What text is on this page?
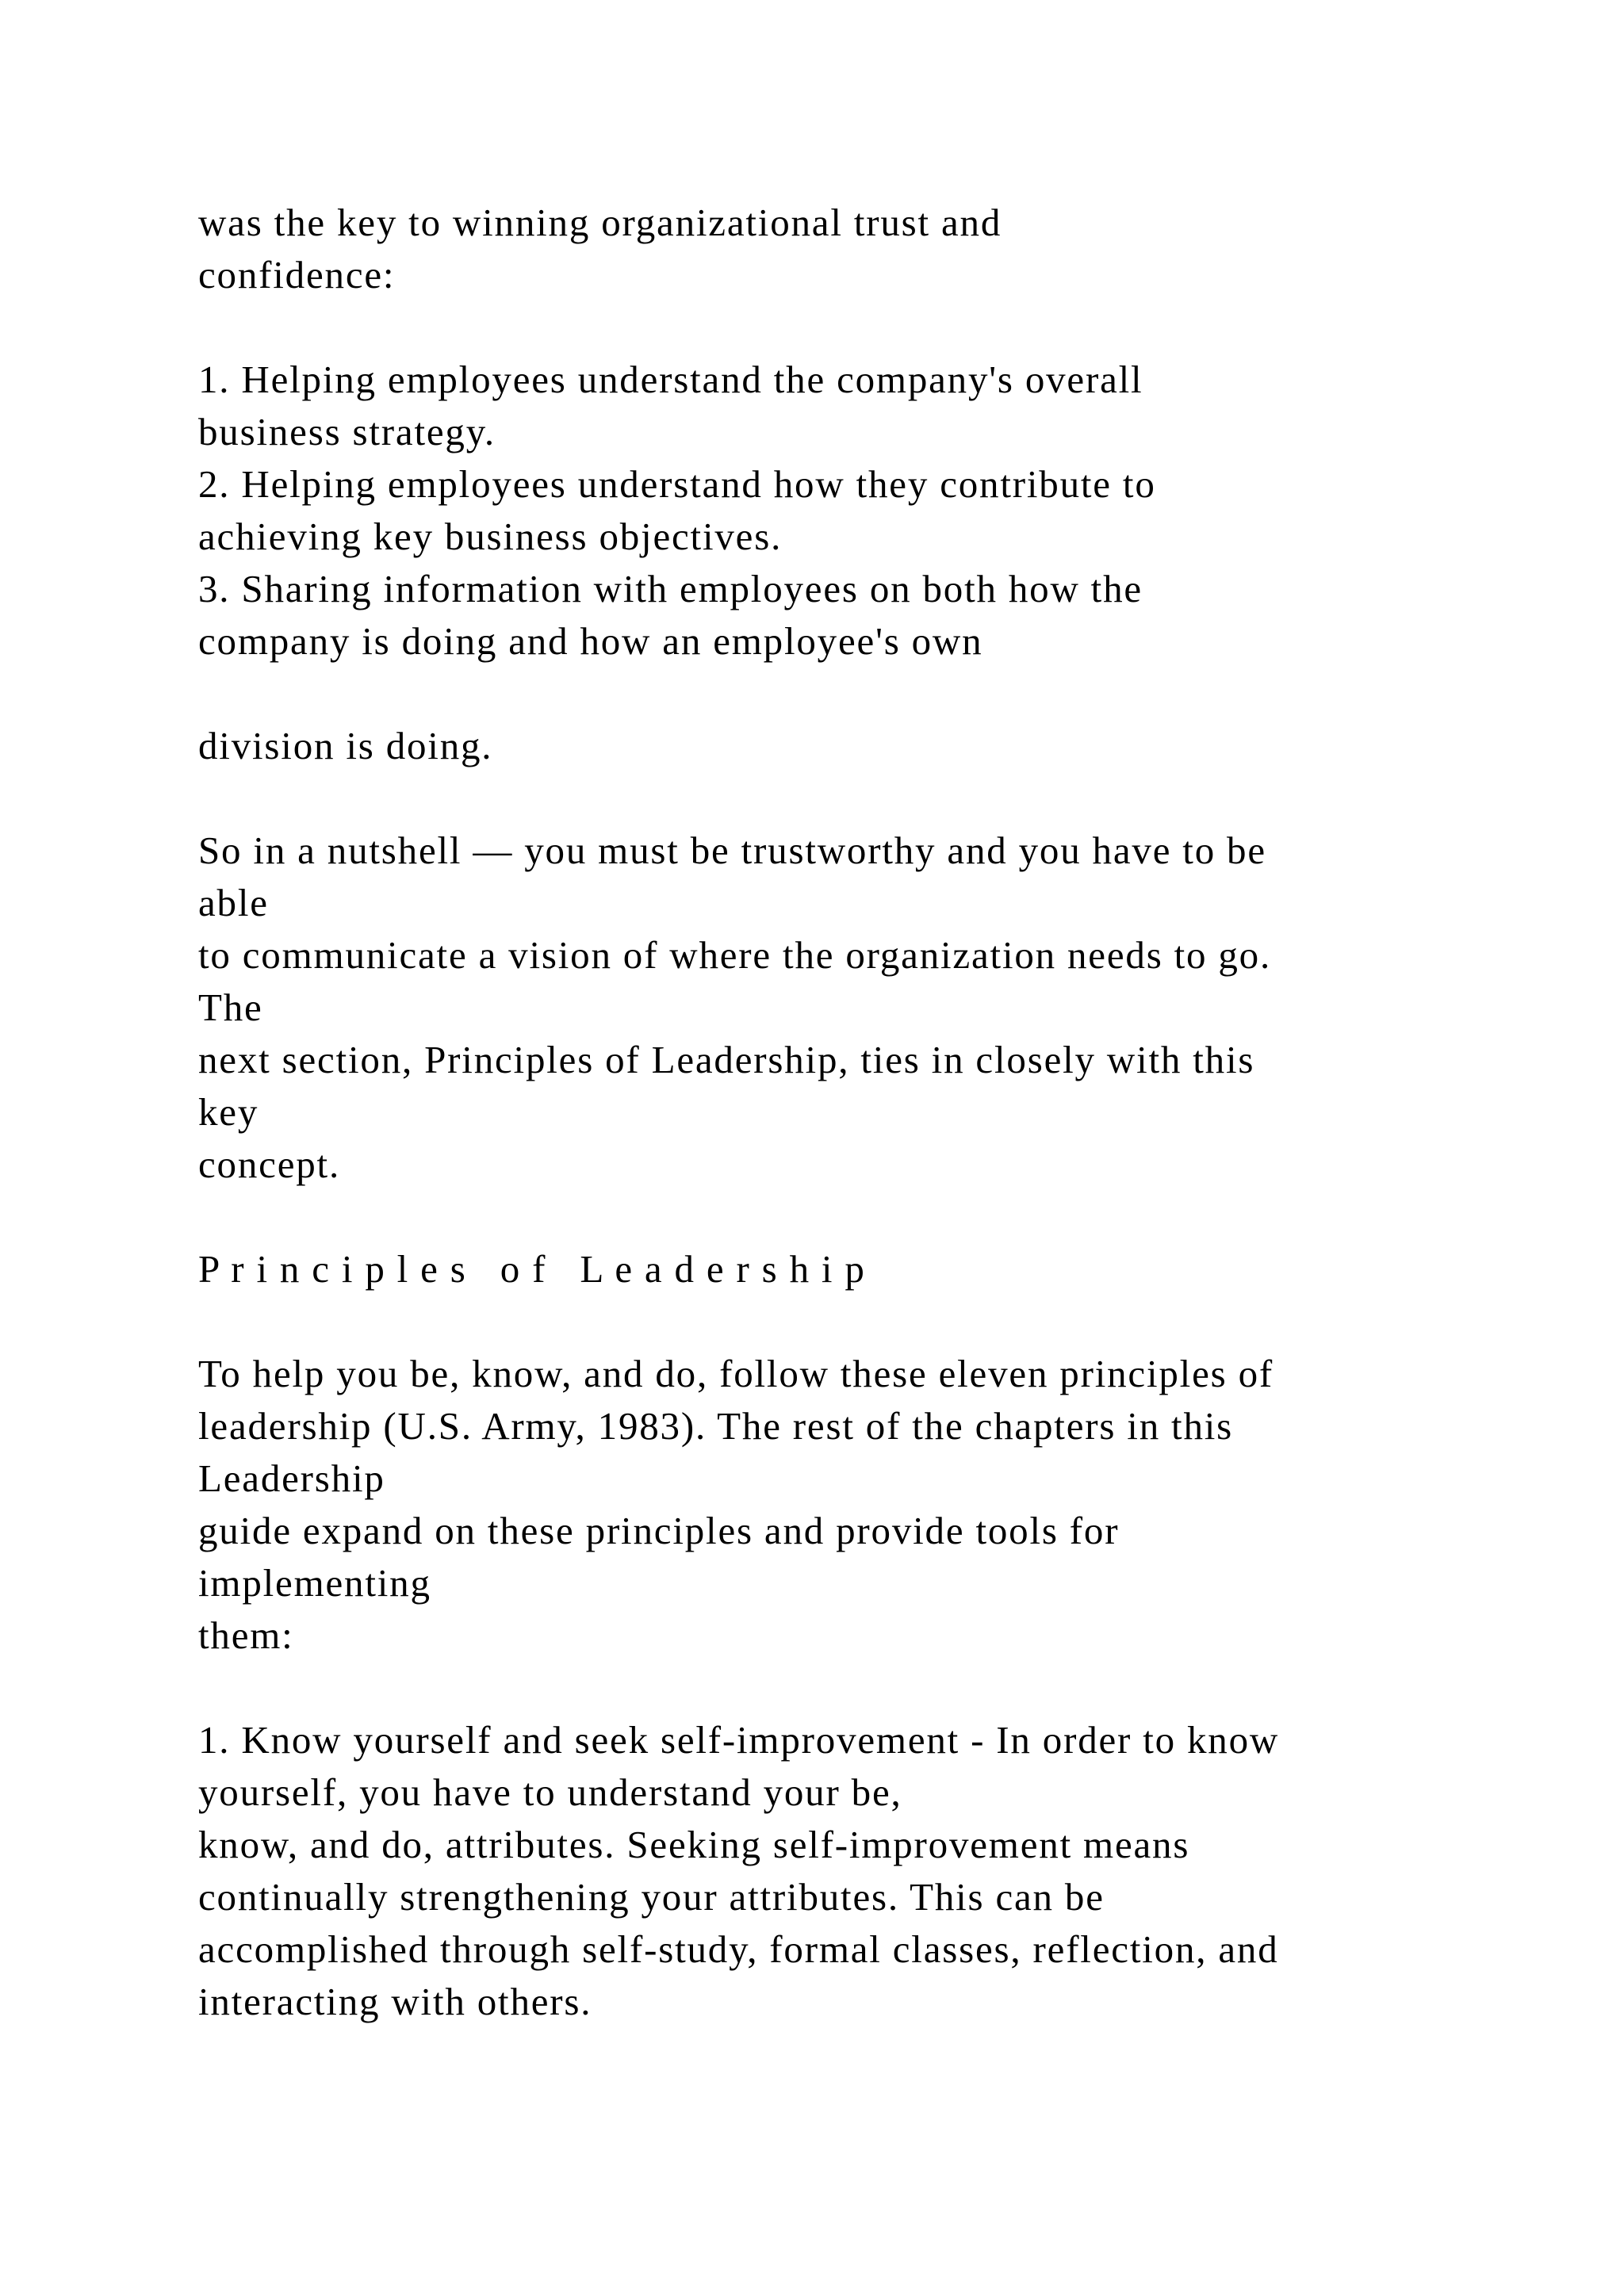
was the key to winning organizational trust and
confidence:
1. Helping employees understand the company's overall
business strategy.
2. Helping employees understand how they contribute to
achieving key business objectives.
3. Sharing information with employees on both how the
company is doing and how an employee's own
division is doing.
So in a nutshell — you must be trustworthy and you have to be
able
to communicate a vision of where the organization needs to go.
The
next section, Principles of Leadership, ties in closely with this
key
concept.
P r i n c i p l e s   o f   L e a d e r s h i p
To help you be, know, and do, follow these eleven principles of
leadership (U.S. Army, 1983). The rest of the chapters in this
Leadership
guide expand on these principles and provide tools for
implementing
them:
1. Know yourself and seek self-improvement - In order to know
yourself, you have to understand your be,
know, and do, attributes. Seeking self-improvement means
continually strengthening your attributes. This can be
accomplished through self-study, formal classes, reflection, and
interacting with others.
